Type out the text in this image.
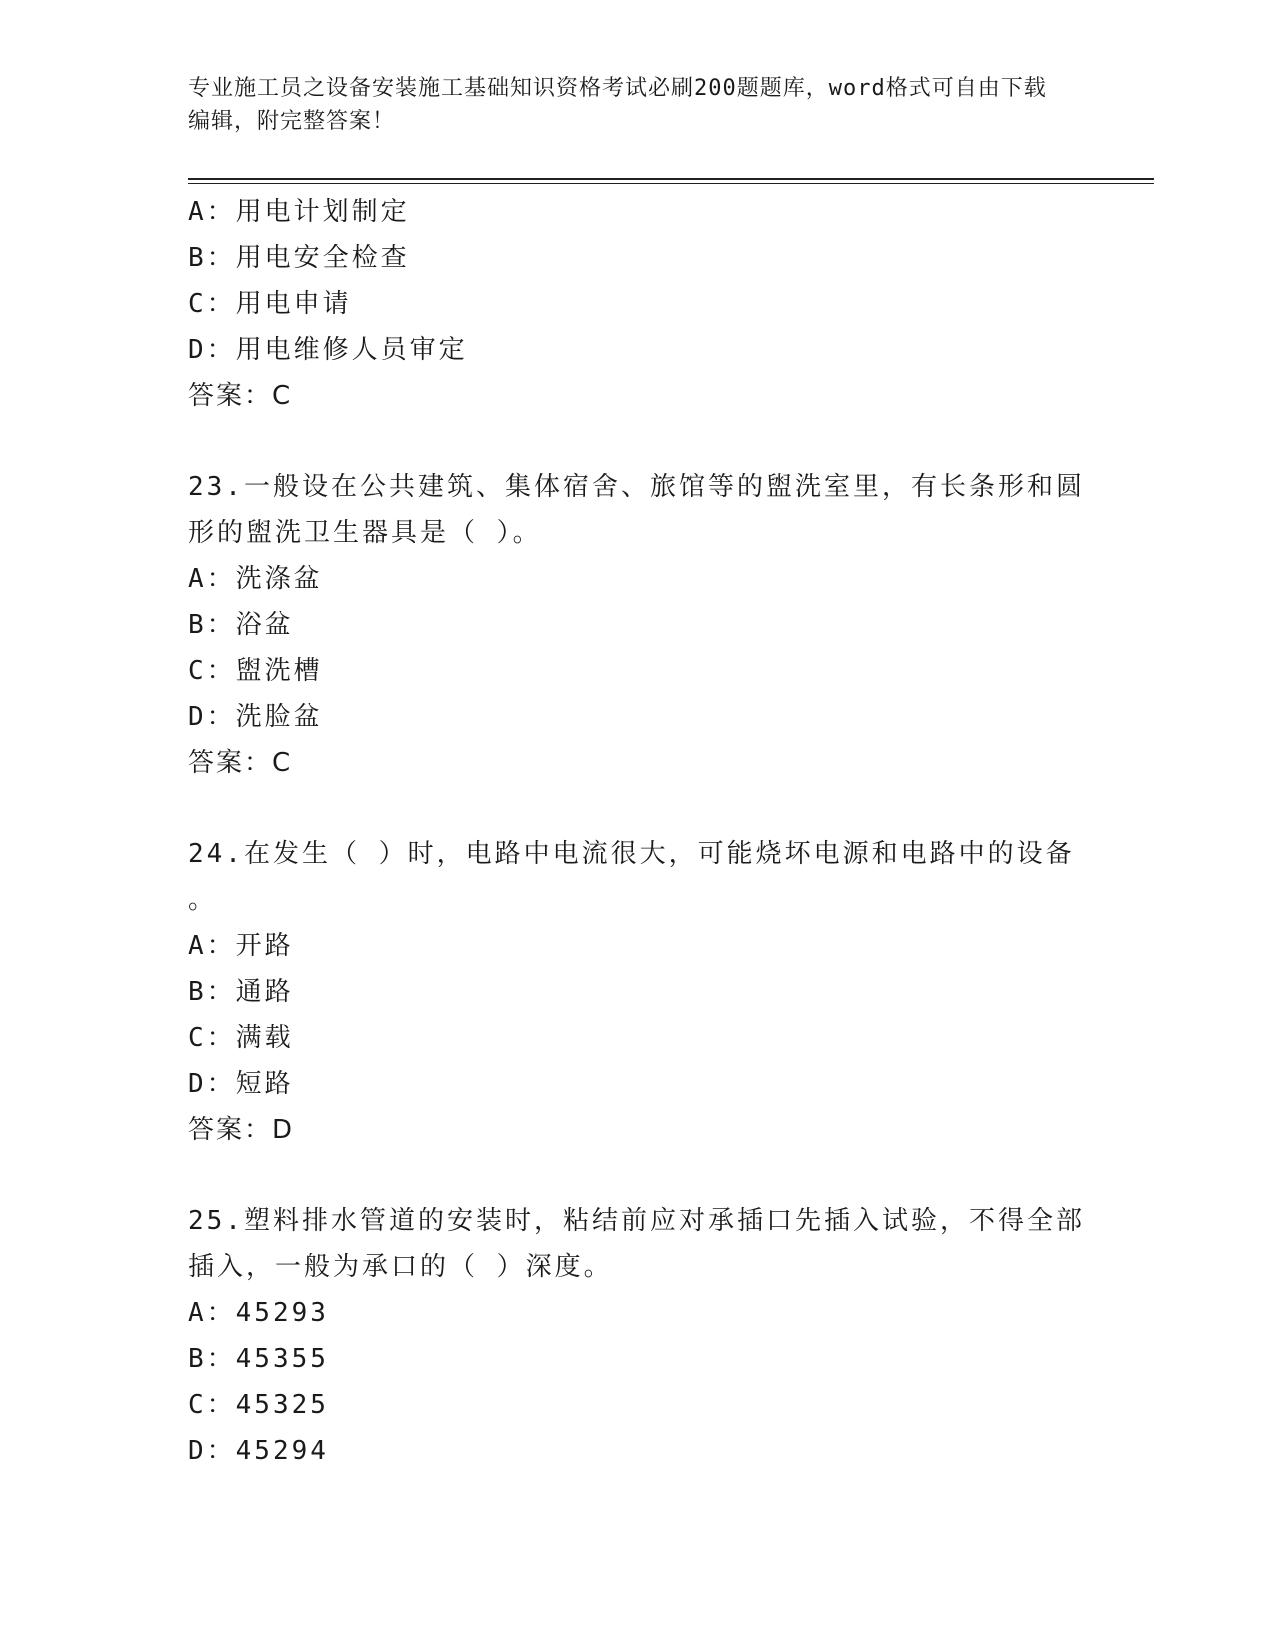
专业施工员之设备安装施工基础知识资格考试必刷200题题库，word格式可自由下载编辑，附完整答案！
A：用电计划制定
B：用电安全检查
C：用电申请
D：用电维修人员审定
答案：C
23.一般设在公共建筑、集体宿舍、旅馆等的盥洗室里，有长条形和圆
形的盥洗卫生器具是（ ）。
A：洗涤盆
B：浴盆
C：盥洗槽
D：洗脸盆
答案：C
24.在发生（ ）时，电路中电流很大，可能烧坏电源和电路中的设备
。
A：开路
B：通路
C：满载
D：短路
答案：D
25.塑料排水管道的安装时，粘结前应对承插口先插入试验，不得全部
插入，一般为承口的（ ）深度。
A：45293
B：45355
C：45325
D：45294
